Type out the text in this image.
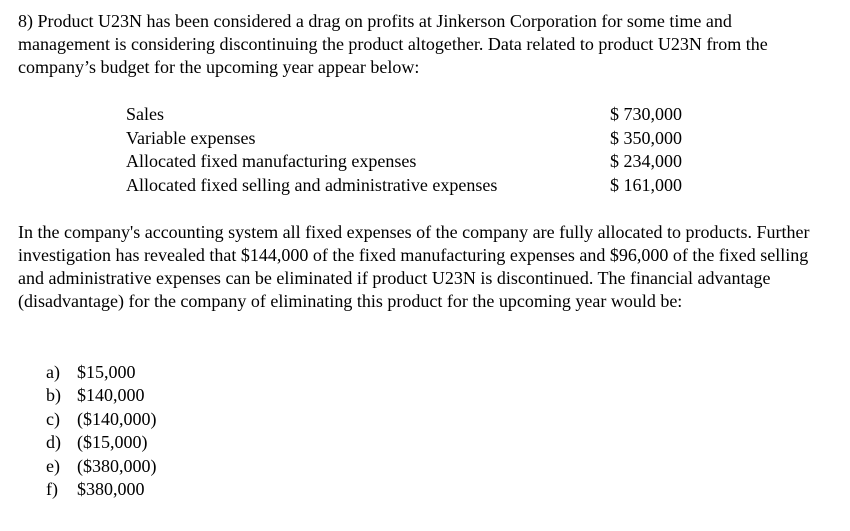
8) Product U23N has been considered a drag on profits at Jinkerson Corporation for some time and management is considering discontinuing the product altogether. Data related to product U23N from the company’s budget for the upcoming year appear below:

Sales	$ 730,000
Variable expenses	$ 350,000
Allocated fixed manufacturing expenses	$ 234,000
Allocated fixed selling and administrative expenses	$ 161,000

In the company's accounting system all fixed expenses of the company are fully allocated to products. Further investigation has revealed that $144,000 of the fixed manufacturing expenses and $96,000 of the fixed selling and administrative expenses can be eliminated if product U23N is discontinued. The financial advantage (disadvantage) for the company of eliminating this product for the upcoming year would be:

a) $15,000
b) $140,000
c) ($140,000)
d) ($15,000)
e) ($380,000)
f) $380,000
